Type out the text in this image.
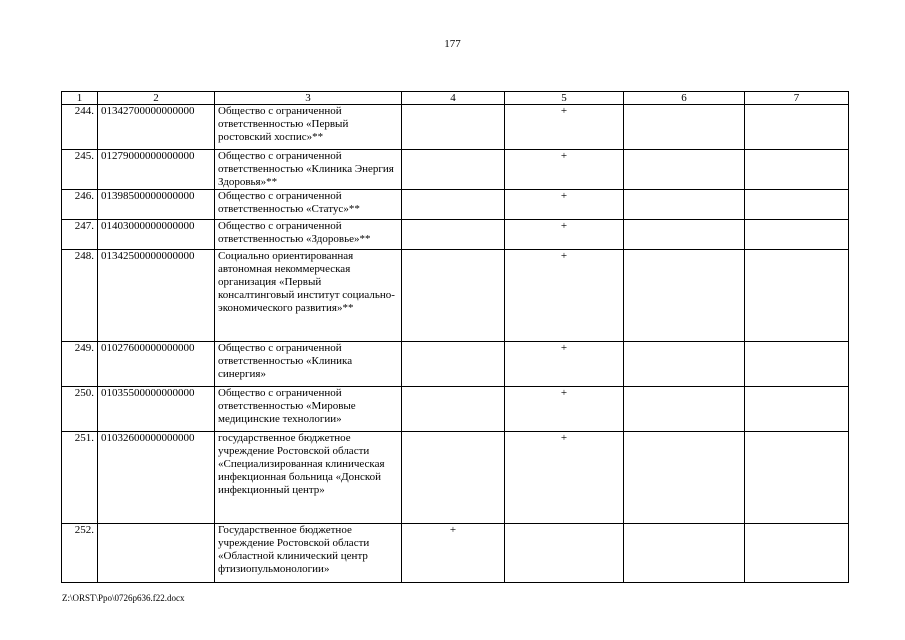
177
1	2	3	4	5	6	7
244.	01342700000000000	Общество с ограниченной ответственностью «Первый ростовский хоспис»**		+		
245.	01279000000000000	Общество с ограниченной ответственностью «Клиника Энергия Здоровья»**		+		
246.	01398500000000000	Общество с ограниченной ответственностью «Статус»**		+		
247.	01403000000000000	Общество с ограниченной ответственностью «Здоровье»**		+		
248.	01342500000000000	Социально ориентированная автономная некоммерческая организация «Первый консалтинговый институт социально-экономического развития»**		+		
249.	01027600000000000	Общество с ограниченной ответственностью «Клиника синергия»		+		
250.	01035500000000000	Общество с ограниченной ответственностью «Мировые медицинские технологии»		+		
251.	01032600000000000	государственное бюджетное учреждение Ростовской области «Специализированная клиническая инфекционная больница «Донской инфекционный центр»		+		
252.		Государственное бюджетное учреждение Ростовской области «Областной клинический центр фтизиопульмонологии»	+			
Z:\ORST\Ppo\0726p636.f22.docx
